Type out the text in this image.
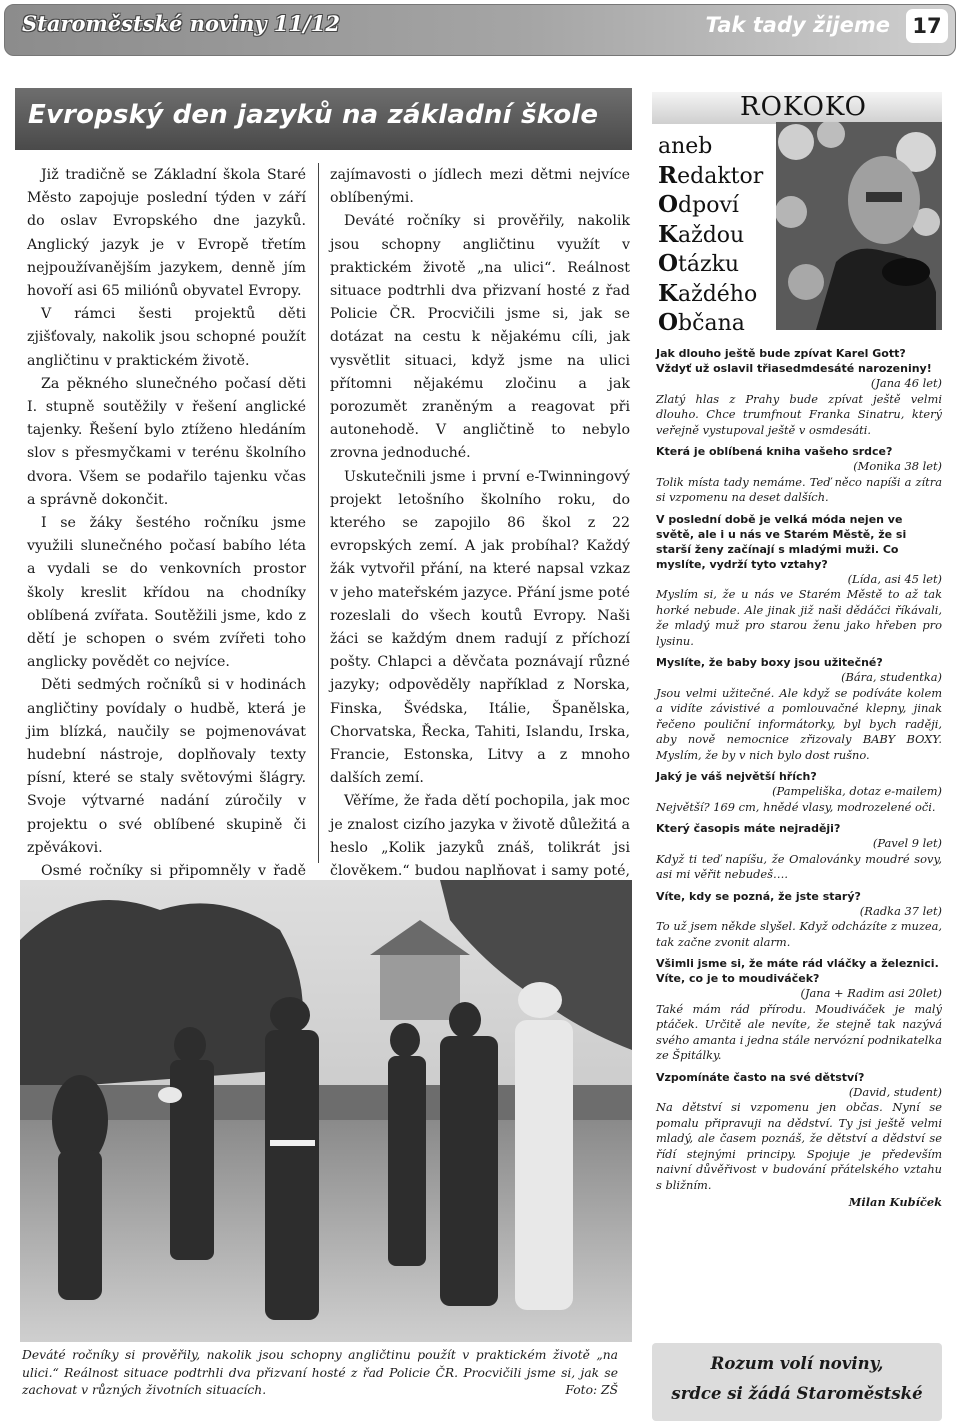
Staroměstské noviny 11/12	Tak tady žijeme	17
Evropský den jazyků na základní škole

Již tradičně se Základní škola Staré Město zapojuje poslední týden v září do oslav Evropského dne jazyků. Anglický jazyk je v Evropě třetím nejpoužívanějším jazykem, denně jím hovoří asi 65 miliónů obyvatel Evropy.

V rámci šesti projektů děti zjišťovaly, nakolik jsou schopné použít angličtinu v praktickém životě.

Za pěkného slunečného počasí děti I. stupně soutěžily v řešení anglické tajenky. Řešení bylo ztíženo hledáním slov s přesmyčkami v terénu školního dvora. Všem se podařilo tajenku včas a správně dokončit.

I se žáky šestého ročníku jsme využili slunečného počasí babího léta a vydali se do venkovních prostor školy kreslit křídou na chodníky oblíbená zvířata. Soutěžili jsme, kdo z dětí je schopen o svém zvířeti toho anglicky povědět co nejvíce.

Děti sedmých ročníků si v hodinách angličtiny povídaly o hudbě, která je jim blízká, naučily se pojmenovávat hudební nástroje, doplňovaly texty písní, které se staly světovými šlágry. Svoje výtvarné nadání zúročily v projektu o své oblíbené skupině či zpěvákovi.

Osmé ročníky si připomněly v řadě

zajímavosti o jídlech mezi dětmi nejvíce oblíbenými.

Deváté ročníky si prověřily, nakolik jsou schopny angličtinu využít v praktickém životě „na ulici“. Reálnost situace podtrhli dva přizvaní hosté z řad Policie ČR. Procvičili jsme si, jak se dotázat na cestu k nějakému cíli, jak vysvětlit situaci, když jsme na ulici přítomni nějakému zločinu a jak porozumět zraněným a reagovat při autonehodě. V angličtině to nebylo zrovna jednoduché.

Uskutečnili jsme i první e-Twinningový projekt letošního školního roku, do kterého se zapojilo 86 škol z 22 evropských zemí. A jak probíhal? Každý žák vytvořil přání, na které napsal vzkaz v jeho mateřském jazyce. Přání jsme poté rozeslali do všech koutů Evropy. Naši žáci se každým dnem radují z příchozí pošty. Chlapci a děvčata poznávají různé jazyky; odpověděly například z Norska, Finska, Švédska, Itálie, Španělska, Chorvatska, Řecka, Tahiti, Islandu, Irska, Francie, Estonska, Litvy a z mnoho dalších zemí.

Věříme, že řada dětí pochopila, jak moc je znalost cizího jazyka v životě důležitá a heslo „Kolik jazyků znáš, tolikrát jsi člověkem.“ budou naplňovat i samy poté,

Deváté ročníky si prověřily, nakolik jsou schopny angličtinu použít v praktickém životě „na ulici.“ Reálnost situace podtrhli dva přizvaní hosté z řad Policie ČR. Procvičili jsme si, jak se zachovat v různých životních situacích.	Foto: ZŠ
ROKOKO
aneb
Redaktor
Odpoví
Každou
Otázku
Každého
Občana
Jak dlouho ještě bude zpívat Karel Gott? Vždyť už oslavil třiasedmdesáté narozeniny!
(Jana 46 let)
Zlatý hlas z Prahy bude zpívat ještě velmi dlouho. Chce trumfnout Franka Sinatru, který veřejně vystupoval ještě v osmdesáti.
Která je oblíbená kniha vašeho srdce?
(Monika 38 let)
Tolik místa tady nemáme. Teď něco napíši a zítra si vzpomenu na deset dalších.
V poslední době je velká móda nejen ve světě, ale i u nás ve Starém Městě, že si starší ženy začínají s mladými muži. Co myslíte, vydrží tyto vztahy?
(Lída, asi 45 let)
Myslím si, že u nás ve Starém Městě to až tak horké nebude. Ale jinak již naši dědáčci říkávali, že mladý muž pro starou ženu jako hřeben pro lysinu.
Myslíte, že baby boxy jsou užitečné?
(Bára, studentka)
Jsou velmi užitečné. Ale když se podíváte kolem a vidíte závistivé a pomlouvačné klepny, jinak řečeno pouliční informátorky, byl bych raději, aby nově nemocnice zřizovaly BABY BOXY. Myslím, že by v nich bylo dost rušno.
Jaký je váš největší hřích?
(Pampeliška, dotaz e-mailem)
Největší? 169 cm, hnědé vlasy, modrozelené oči.
Který časopis máte nejraději?
(Pavel 9 let)
Když ti teď napíšu, že Omalovánky moudré sovy, asi mi věřit nebudeš….
Víte, kdy se pozná, že jste starý?
(Radka 37 let)
To už jsem někde slyšel. Když odcházíte z muzea, tak začne zvonit alarm.
Všimli jsme si, že máte rád vláčky a železnici. Víte, co je to moudiváček?
(Jana + Radim asi 20let)
Také mám rád přírodu. Moudiváček je malý ptáček. Určitě ale nevíte, že stejně tak nazývá svého amanta i jedna stále nervózní podnikatelka ze Špitálky.
Vzpomínáte často na své dětství?
(David, student)
Na dětství si vzpomenu jen občas. Nyní se pomalu připravuji na dědství. Ty jsi ještě velmi mladý, ale časem poznáš, že dětství a dědství se řídí stejnými principy. Spojuje je především naivní důvěřivost v budování přátelského vztahu s bližním.
Milan Kubíček
Rozum volí noviny,
srdce si žádá Staroměstské
